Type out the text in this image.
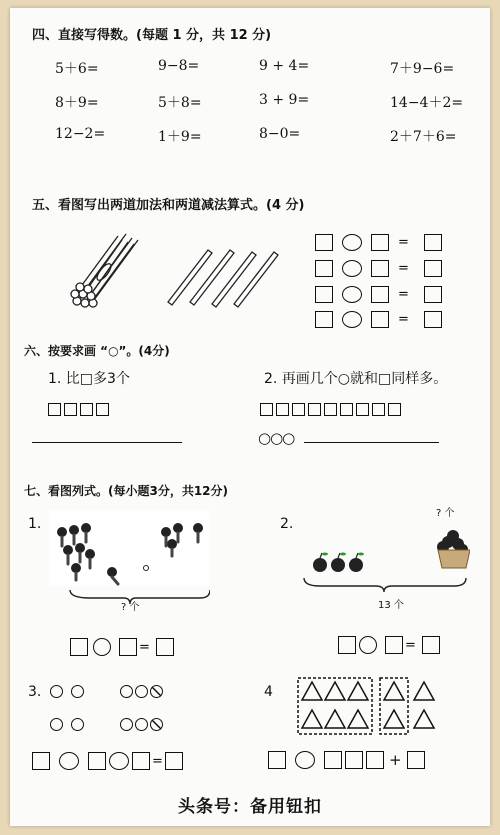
四、直接写得数。(每题 1 分，共 12 分)
5＋6=	9−8=	9 + 4=	7＋9−6=
8＋9=	5＋8=	3 + 9=	14−4＋2=
12−2=	1＋9=	8−0=	2＋7＋6=
五、看图写出两道加法和两道减法算式。(4 分)
=
=
=
=
六、按要求画 “○”。(4分)
1. 比□多3个	2. 再画几个○就和□同样多。
○○○
七、看图列式。(每小题3分，共12分)
1.
? 个
=
2.
? 个
13 个
=
3.
=
4
+
头条号：备用钮扣
